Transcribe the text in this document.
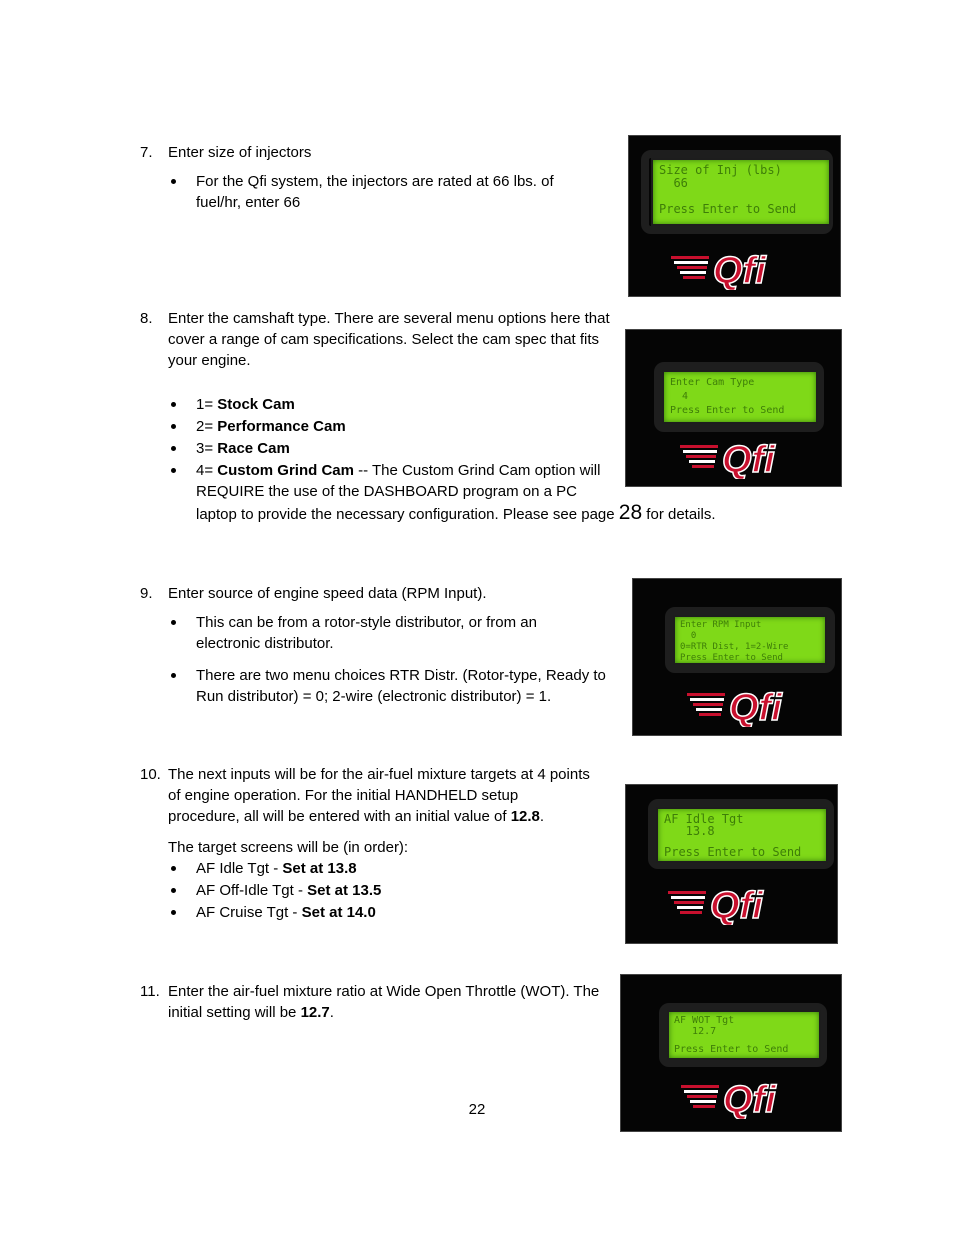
7. Enter size of injectors
For the Qfi system, the injectors are rated at 66 lbs. of fuel/hr, enter 66
8. Enter the camshaft type. There are several menu options here that cover a range of cam specifications. Select the cam spec that fits your engine.
1= Stock Cam
2= Performance Cam
3= Race Cam
4= Custom Grind Cam -- The Custom Grind Cam option will REQUIRE the use of the DASHBOARD program on a PC
laptop to provide the necessary configuration. Please see page 28 for details.
9. Enter source of engine speed data (RPM Input).
This can be from a rotor-style distributor, or from an electronic distributor.
There are two menu choices RTR Distr. (Rotor-type, Ready to Run distributor) = 0; 2-wire (electronic distributor) = 1.
10. The next inputs will be for the air-fuel mixture targets at 4 points of engine operation. For the initial HANDHELD setup procedure, all will be entered with an initial value of 12.8.
The target screens will be (in order):
AF Idle Tgt - Set at 13.8
AF Off-Idle Tgt - Set at 13.5
AF Cruise Tgt - Set at 14.0
11. Enter the air-fuel mixture ratio at Wide Open Throttle (WOT). The initial setting will be 12.7.
Size of Inj (lbs)
66
Press Enter to Send
Qfi
Enter Cam Type
4
Press Enter to Send
Qfi
Enter RPM Input
0
0=RTR Dist, 1=2-Wire
Press Enter to Send
Qfi
AF Idle Tgt
13.8
Press Enter to Send
Qfi
AF WOT Tgt
12.7
Press Enter to Send
Qfi
22
